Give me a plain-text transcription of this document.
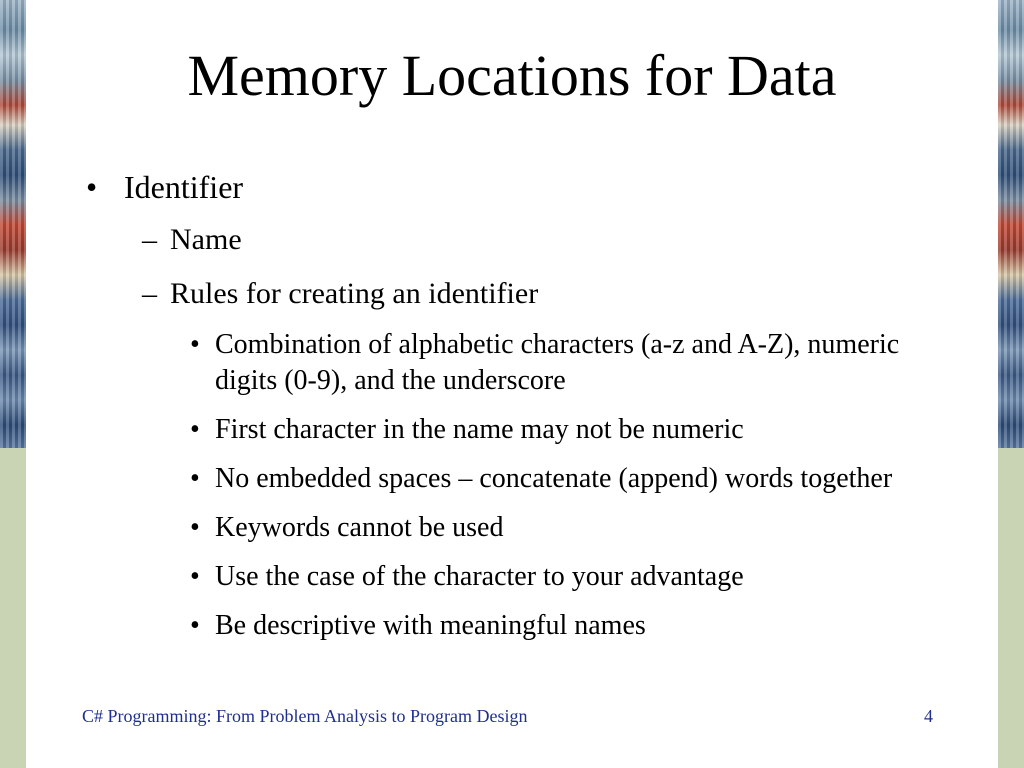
Memory Locations for Data
• Identifier
– Name
– Rules for creating an identifier
• Combination of alphabetic characters (a-z and A-Z), numeric digits (0-9), and the underscore
• First character in the name may not be numeric
• No embedded spaces – concatenate (append) words together
• Keywords cannot be used
• Use the case of the character to your advantage
• Be descriptive with meaningful names
C# Programming: From Problem Analysis to Program Design	4
